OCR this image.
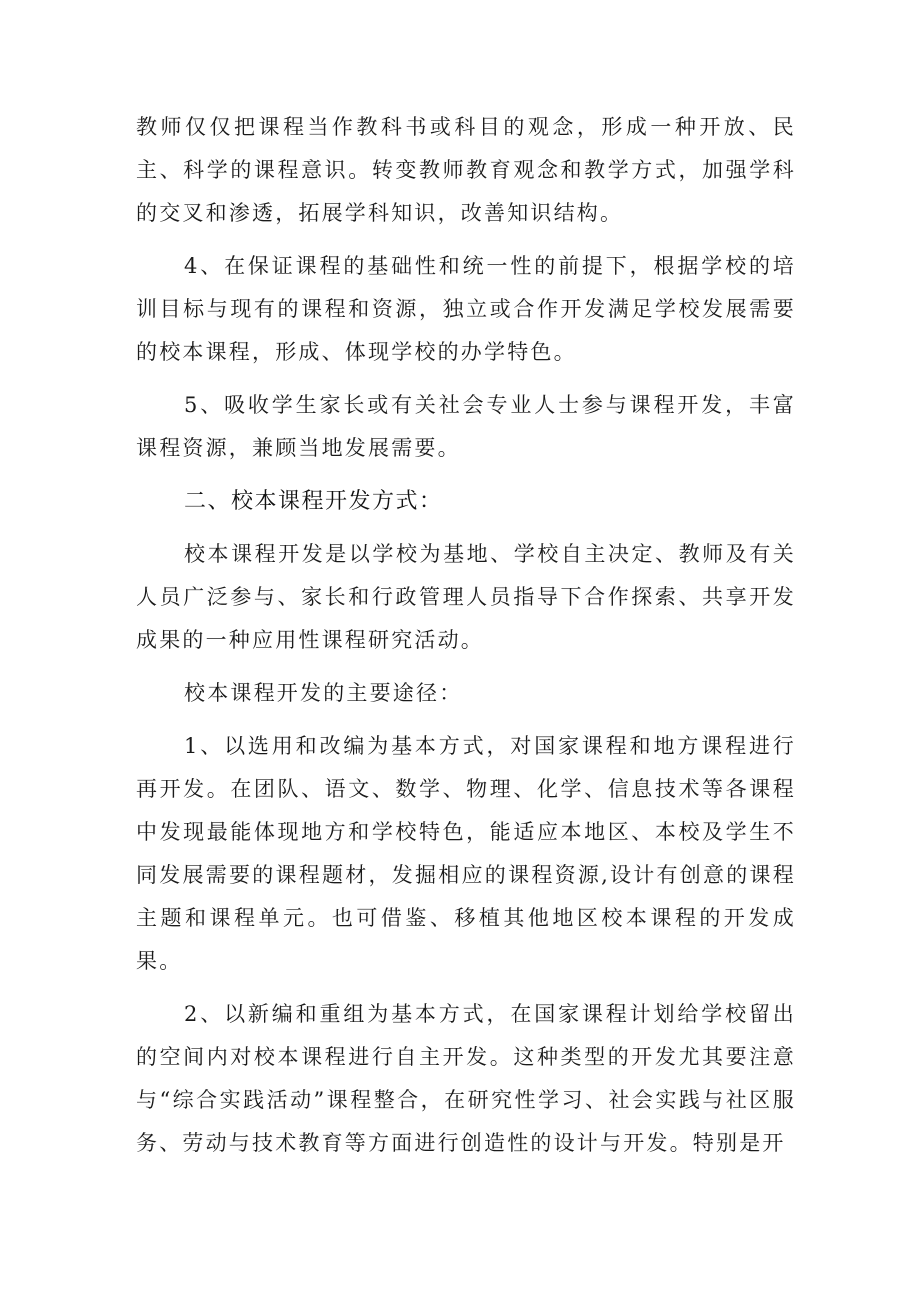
教师仅仅把课程当作教科书或科目的观念，形成一种开放、民主、科学的课程意识。转变教师教育观念和教学方式，加强学科的交叉和渗透，拓展学科知识，改善知识结构。

4、在保证课程的基础性和统一性的前提下，根据学校的培训目标与现有的课程和资源，独立或合作开发满足学校发展需要的校本课程，形成、体现学校的办学特色。

5、吸收学生家长或有关社会专业人士参与课程开发，丰富课程资源，兼顾当地发展需要。

二、校本课程开发方式：

校本课程开发是以学校为基地、学校自主决定、教师及有关人员广泛参与、家长和行政管理人员指导下合作探索、共享开发成果的一种应用性课程研究活动。

校本课程开发的主要途径：

1、以选用和改编为基本方式，对国家课程和地方课程进行再开发。在团队、语文、数学、物理、化学、信息技术等各课程中发现最能体现地方和学校特色，能适应本地区、本校及学生不同发展需要的课程题材，发掘相应的课程资源,设计有创意的课程主题和课程单元。也可借鉴、移植其他地区校本课程的开发成果。

2、以新编和重组为基本方式，在国家课程计划给学校留出的空间内对校本课程进行自主开发。这种类型的开发尤其要注意与“综合实践活动”课程整合，在研究性学习、社会实践与社区服务、劳动与技术教育等方面进行创造性的设计与开发。特别是开
